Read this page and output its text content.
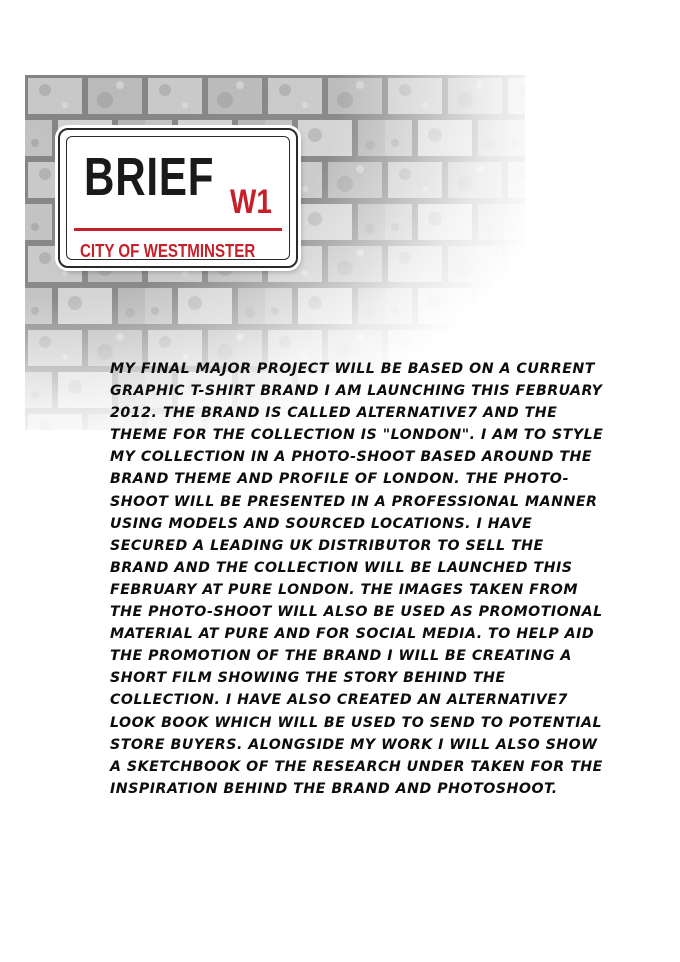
BRIEF W1
CITY OF WESTMINSTER

MY FINAL MAJOR PROJECT WILL BE BASED ON A CURRENT GRAPHIC T-SHIRT BRAND I AM LAUNCHING THIS FEBRUARY 2012. THE BRAND IS CALLED ALTERNATIVE7 AND THE THEME FOR THE COLLECTION IS "LONDON". I AM TO STYLE MY COLLECTION IN A PHOTO-SHOOT BASED AROUND THE BRAND THEME AND PROFILE OF LONDON. THE PHOTO-SHOOT WILL BE PRESENTED IN A PROFESSIONAL MANNER USING MODELS AND SOURCED LOCATIONS. I HAVE SECURED A LEADING UK DISTRIBUTOR TO SELL THE BRAND AND THE COLLECTION WILL BE LAUNCHED THIS FEBRUARY AT PURE LONDON. THE IMAGES TAKEN FROM THE PHOTO-SHOOT WILL ALSO BE USED AS PROMOTIONAL MATERIAL AT PURE AND FOR SOCIAL MEDIA. TO HELP AID THE PROMOTION OF THE BRAND I WILL BE CREATING A SHORT FILM SHOWING THE STORY BEHIND THE COLLECTION. I HAVE ALSO CREATED AN ALTERNATIVE7 LOOK BOOK WHICH WILL BE USED TO SEND TO POTENTIAL STORE BUYERS. ALONGSIDE MY WORK I WILL ALSO SHOW A SKETCHBOOK OF THE RESEARCH UNDER TAKEN FOR THE INSPIRATION BEHIND THE BRAND AND PHOTOSHOOT.
